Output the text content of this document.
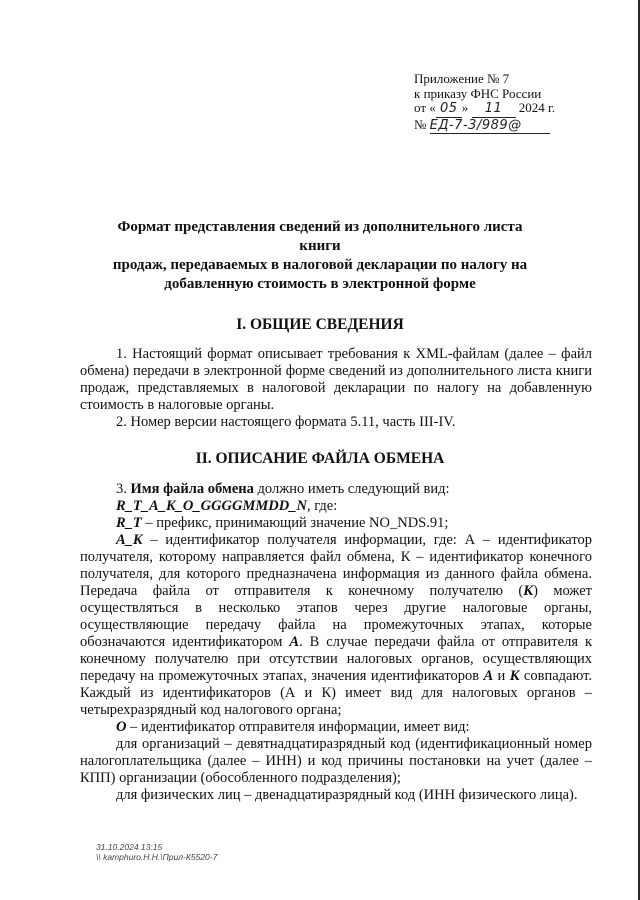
Приложение № 7
к приказу ФНС России
от « 05 » 11 2024 г.
№ ЕД-7-3/989@
Формат представления сведений из дополнительного листа книги
продаж, передаваемых в налоговой декларации по налогу на
добавленную стоимость в электронной форме
I. ОБЩИЕ СВЕДЕНИЯ

1. Настоящий формат описывает требования к XML-файлам (далее – файл обмена) передачи в электронной форме сведений из дополнительного листа книги продаж, представляемых в налоговой декларации по налогу на добавленную стоимость в налоговые органы.

2. Номер версии настоящего формата 5.11, часть III-IV.

II. ОПИСАНИЕ ФАЙЛА ОБМЕНА

3. Имя файла обмена должно иметь следующий вид:

R_T_A_K_O_GGGGMMDD_N, где:

R_T – префикс, принимающий значение NO_NDS.91;

A_K – идентификатор получателя информации, где: А – идентификатор получателя, которому направляется файл обмена, К – идентификатор конечного получателя, для которого предназначена информация из данного файла обмена. Передача файла от отправителя к конечному получателю (К) может осуществляться в несколько этапов через другие налоговые органы, осуществляющие передачу файла на промежуточных этапах, которые обозначаются идентификатором А. В случае передачи файла от отправителя к конечному получателю при отсутствии налоговых органов, осуществляющих передачу на промежуточных этапах, значения идентификаторов А и К совпадают. Каждый из идентификаторов (А и К) имеет вид для налоговых органов – четырехразрядный код налогового органа;

О – идентификатор отправителя информации, имеет вид:

для организаций – девятнадцатиразрядный код (идентификационный номер налогоплательщика (далее – ИНН) и код причины постановки на учет (далее – КПП) организации (обособленного подразделения);

для физических лиц – двенадцатиразрядный код (ИНН физического лица).

31.10.2024 13:15
\\ kamphuro.Н.Н.\Прил-К5520-7
